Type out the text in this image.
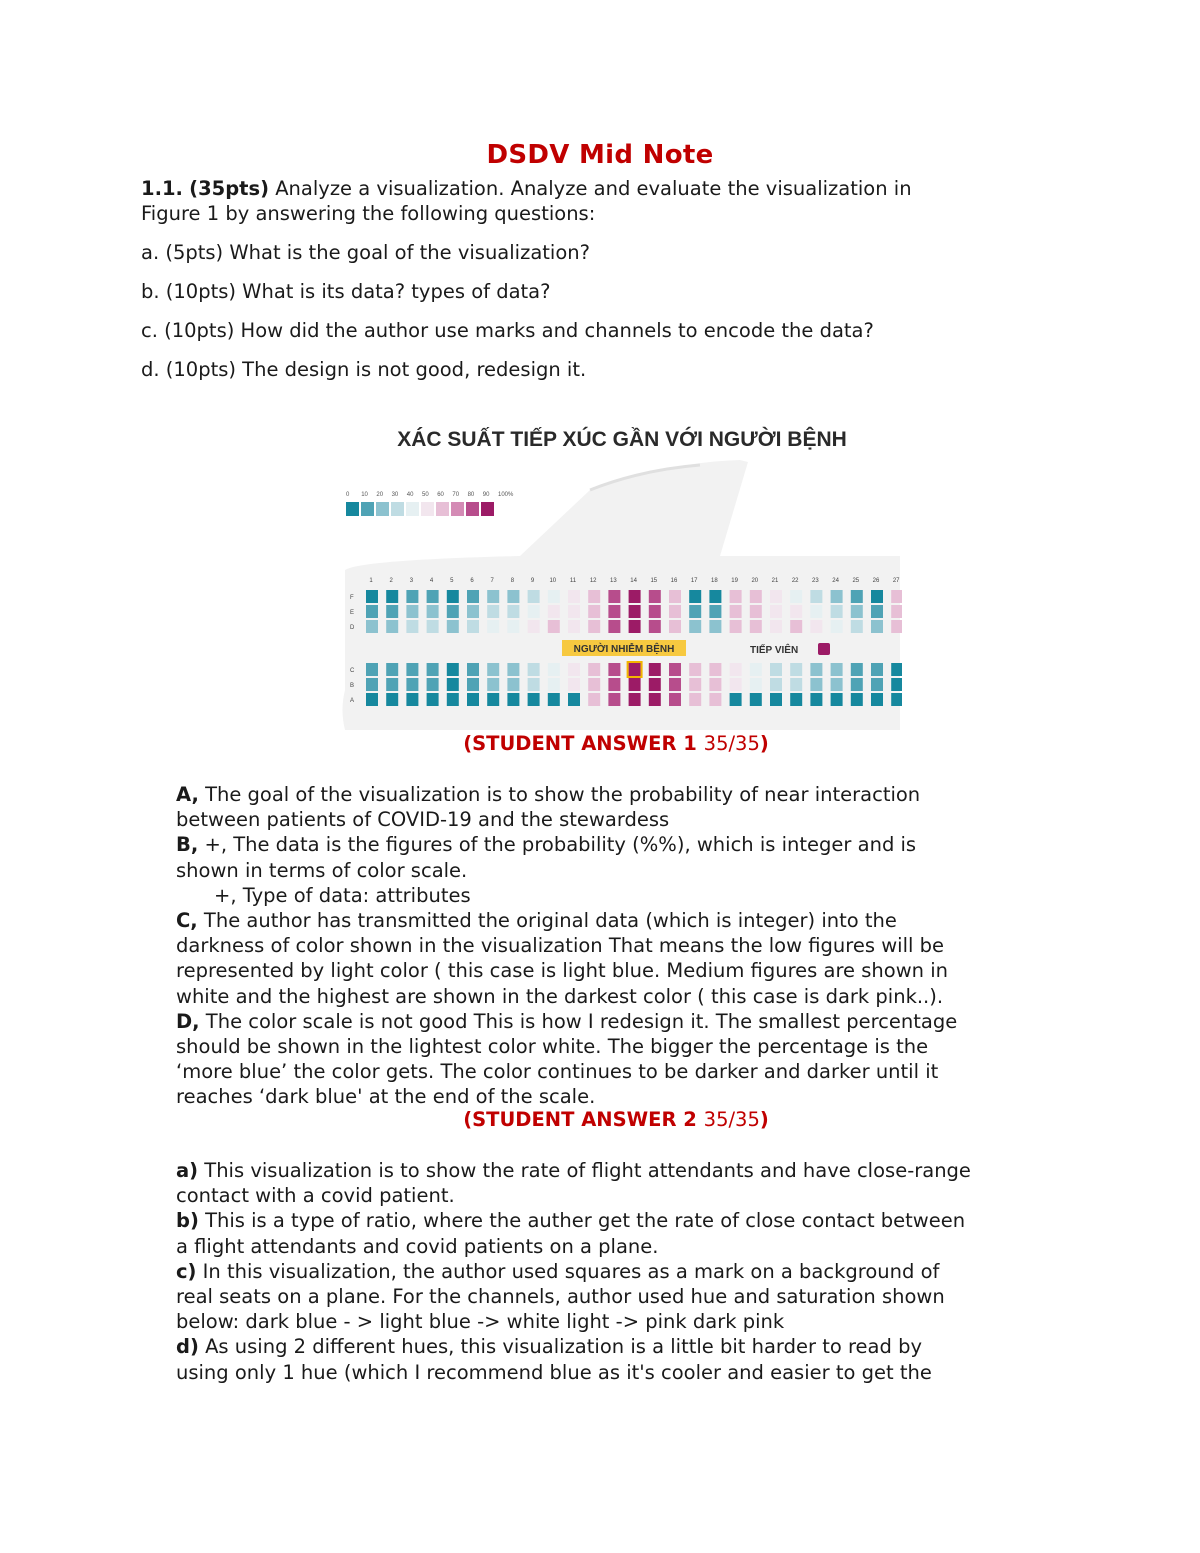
DSDV Mid Note
1.1. (35pts) Analyze a visualization. Analyze and evaluate the visualization in
Figure 1 by answering the following questions:
a. (5pts) What is the goal of the visualization?
b. (10pts) What is its data? types of data?
c. (10pts) How did the author use marks and channels to encode the data?
d. (10pts) The design is not good, redesign it.
XÁC SUẤT TIẾP XÚC GẦN VỚI NGƯỜI BỆNH
0 10 20 30 40 50 60 70 80 90 100%
1	2	3	4	5	6	7	8	9	10 11 12 13 14 15 16 17 18 19 20 21 22 23 24 25 26 27
F
E
D
C
B
A
NGƯỜI NHIỄM BỆNH	TIẾP VIÊN
(STUDENT ANSWER 1 35/35)
A, The goal of the visualization is to show the probability of near interaction
between patients of COVID-19 and the stewardess
B, +, The data is the figures of the probability (%%), which is integer and is
shown in terms of color scale.
+, Type of data: attributes
C, The author has transmitted the original data (which is integer) into the
darkness of color shown in the visualization That means the low figures will be
represented by light color ( this case is light blue. Medium figures are shown in
white and the highest are shown in the darkest color ( this case is dark pink..).
D, The color scale is not good This is how I redesign it. The smallest percentage
should be shown in the lightest color white. The bigger the percentage is the
‘more blue’ the color gets. The color continues to be darker and darker until it
reaches ‘dark blue' at the end of the scale.
(STUDENT ANSWER 2 35/35)
a) This visualization is to show the rate of flight attendants and have close-range
contact with a covid patient.
b) This is a type of ratio, where the auther get the rate of close contact between
a flight attendants and covid patients on a plane.
c) In this visualization, the author used squares as a mark on a background of
real seats on a plane. For the channels, author used hue and saturation shown
below: dark blue - > light blue -> white light -> pink dark pink
d) As using 2 different hues, this visualization is a little bit harder to read by
using only 1 hue (which I recommend blue as it's cooler and easier to get the
